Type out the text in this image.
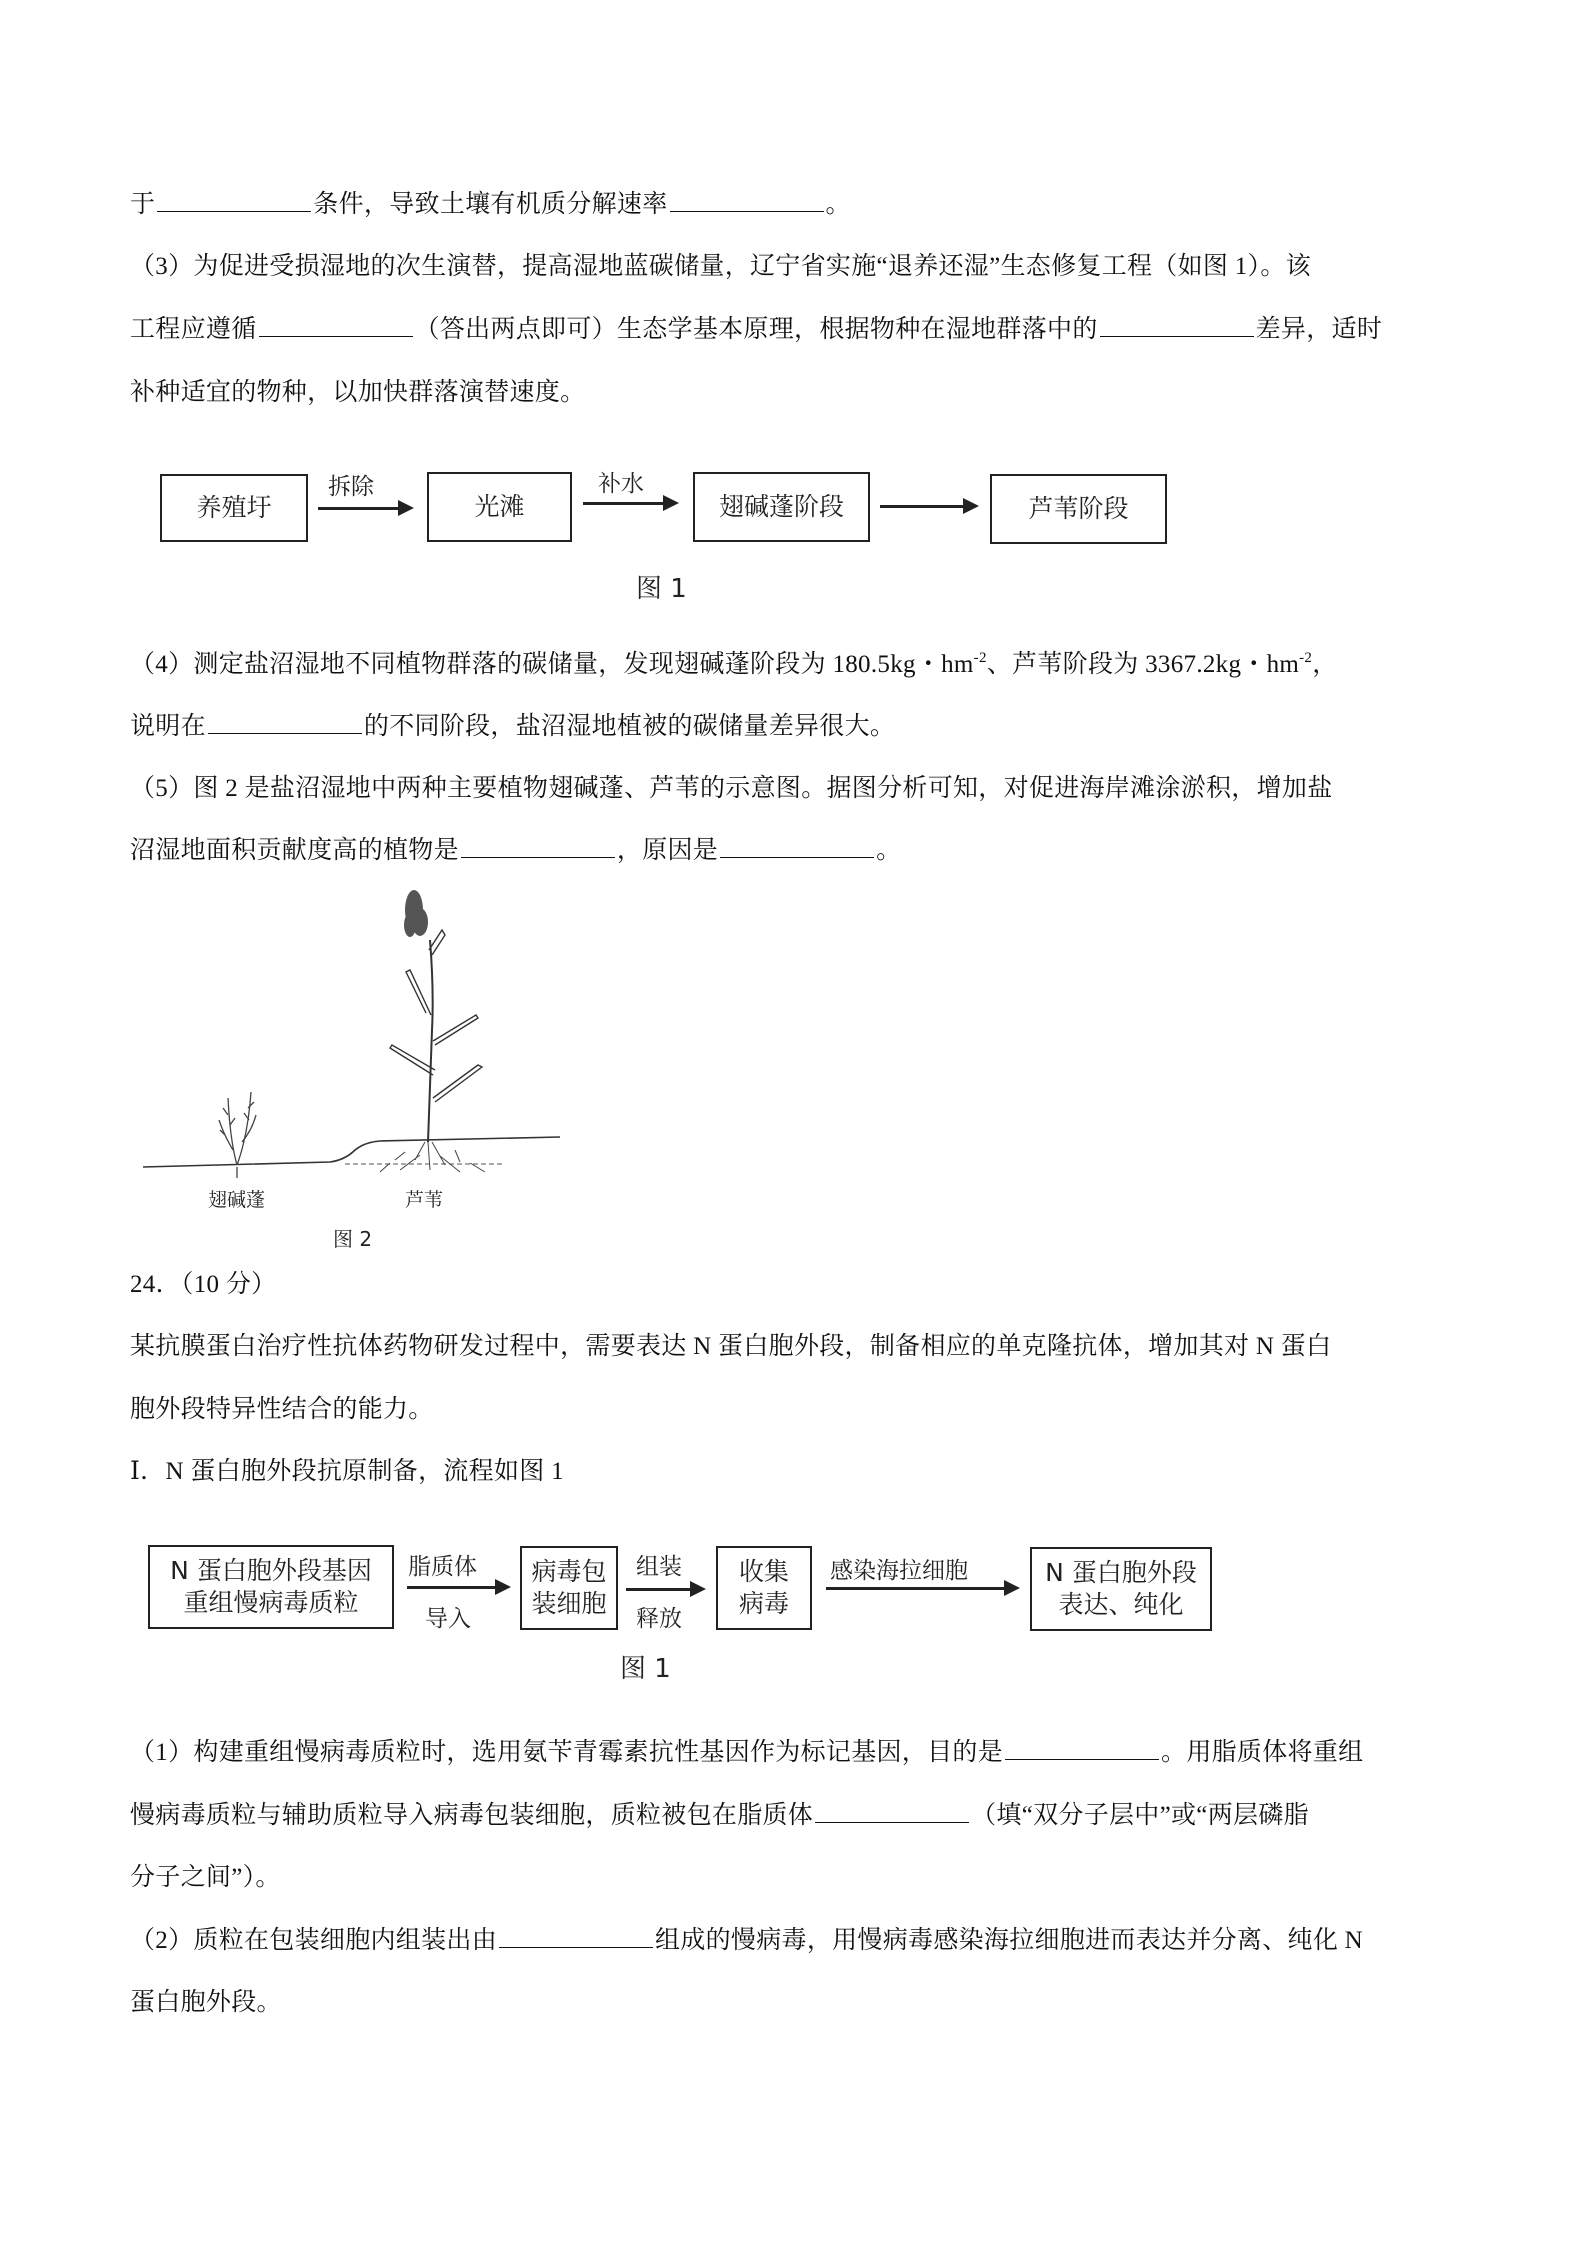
于	条件，导致土壤有机质分解速率	。
（3）为促进受损湿地的次生演替，提高湿地蓝碳储量，辽宁省实施“退养还湿”生态修复工程（如图 1）。该
工程应遵循	（答出两点即可）生态学基本原理，根据物种在湿地群落中的	差异，适时
补种适宜的物种，以加快群落演替速度。
养殖圩
拆除
光滩
补水
翅碱蓬阶段	芦苇阶段
图 1
（4）测定盐沼湿地不同植物群落的碳储量，发现翅碱蓬阶段为 180.5kg・$hm^{-2}$、芦苇阶段为 3367.2kg・$hm^{-2}$，
说明在	的不同阶段，盐沼湿地植被的碳储量差异很大。
（5）图 2 是盐沼湿地中两种主要植物翅碱蓬、芦苇的示意图。据图分析可知，对促进海岸滩涂淤积，增加盐
沼湿地面积贡献度高的植物是	，原因是	。
翅碱蓬	芦苇
图 2
24．（10 分）
某抗膜蛋白治疗性抗体药物研发过程中，需要表达 N 蛋白胞外段，制备相应的单克隆抗体，增加其对 N 蛋白
胞外段特异性结合的能力。
Ⅰ．N 蛋白胞外段抗原制备，流程如图 1
N 蛋白胞外段基因
重组慢病毒质粒
脂质体
导入
病毒包
装细胞
组装
释放
收集
病毒
感染海拉细胞	N 蛋白胞外段
表达、纯化
图 1
（1）构建重组慢病毒质粒时，选用氨苄青霉素抗性基因作为标记基因，目的是	。用脂质体将重组
慢病毒质粒与辅助质粒导入病毒包装细胞，质粒被包在脂质体	（填“双分子层中”或“两层磷脂
分子之间”）。
（2）质粒在包装细胞内组装出由	组成的慢病毒，用慢病毒感染海拉细胞进而表达并分离、纯化 N
蛋白胞外段。
